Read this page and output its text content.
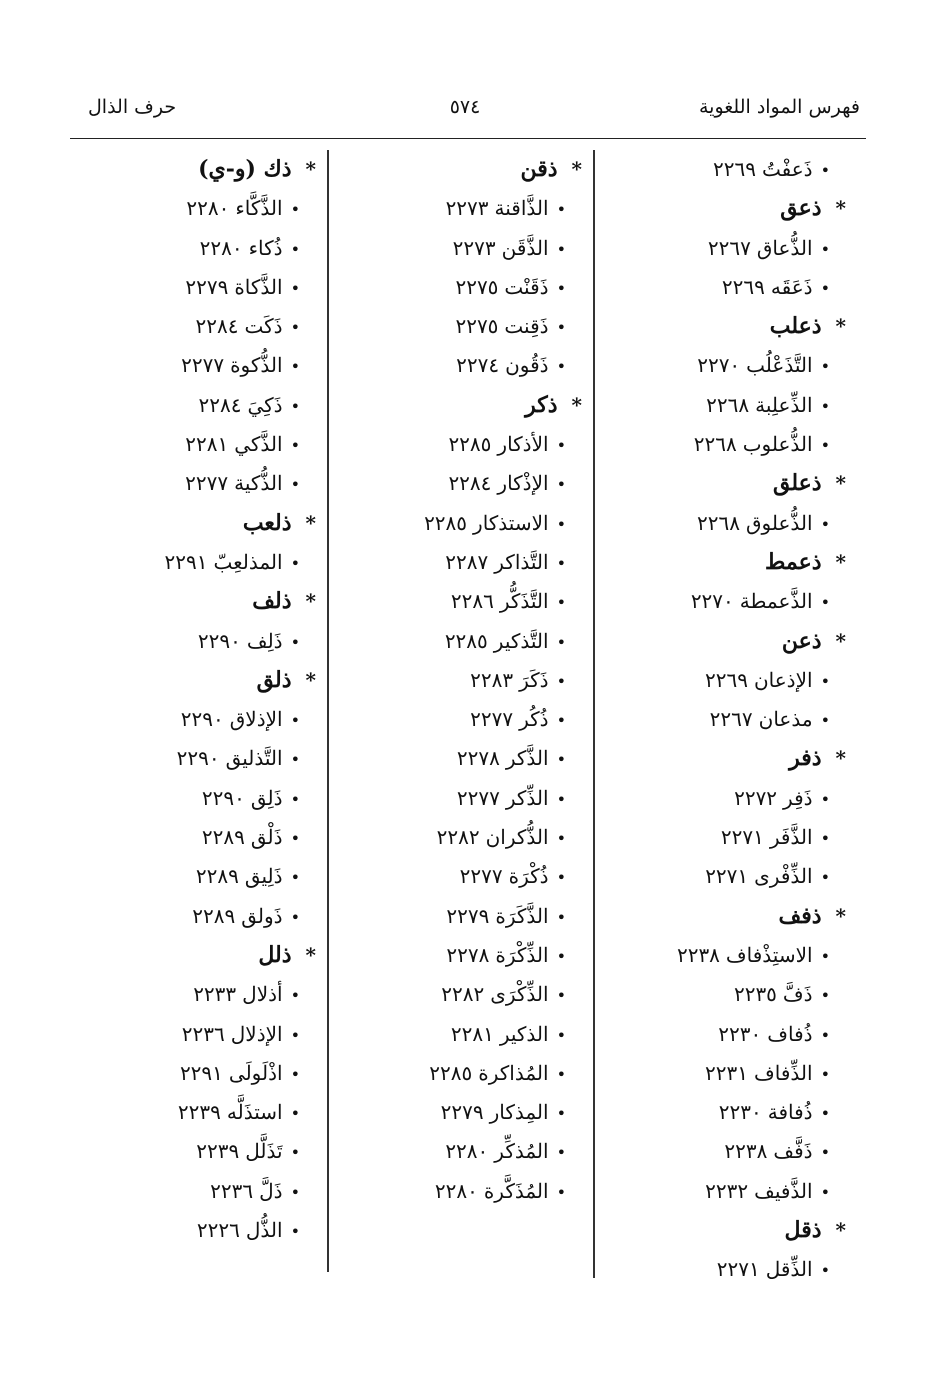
فهرس المواد اللغوية
٥٧٤
حرف الذال
•ذَعفْتُ٢٢٦٩
*ذعق
•الذُّعاق٢٢٦٧
•ذَعَقَه٢٢٦٩
*ذعلب
•التَّذَعْلُب٢٢٧٠
•الذِّعلِبة٢٢٦٨
•الذُّعلوب٢٢٦٨
*ذعلق
•الذُّعلوق٢٢٦٨
*ذعمط
•الذَّعمطة٢٢٧٠
*ذعن
•الإذعان٢٢٦٩
•مذعان٢٢٦٧
*ذفر
•ذَفِر٢٢٧٢
•الذَّفَر٢٢٧١
•الذِّفْرى٢٢٧١
*ذفف
•الاستِذْفاف٢٢٣٨
•ذَفَّ٢٢٣٥
•ذُفاف٢٢٣٠
•الذِّفاف٢٢٣١
•ذُفافة٢٢٣٠
•ذَفَّف٢٢٣٨
•الذَّفيف٢٢٣٢
*ذقل
•الذِّقل٢٢٧١
*ذقن
•الذَّاقنة٢٢٧٣
•الذَّقَن٢٢٧٣
•ذَقَنْت٢٢٧٥
•ذَقِنت٢٢٧٥
•ذَقُون٢٢٧٤
*ذكر
•الأذكار٢٢٨٥
•الإذْكار٢٢٨٤
•الاستذكار٢٢٨٥
•التَّذاكر٢٢٨٧
•التَّذَكُّر٢٢٨٦
•التَّذكير٢٢٨٥
•ذَكَرَ٢٢٨٣
•ذُكُر٢٢٧٧
•الذَّكر٢٢٧٨
•الذِّكر٢٢٧٧
•الذُّكران٢٢٨٢
•ذُكْرَة٢٢٧٧
•الذَّكَرَة٢٢٧٩
•الذِّكْرَة٢٢٧٨
•الذِّكْرَى٢٢٨٢
•الذكير٢٢٨١
•المُذاكرة٢٢٨٥
•المِذكار٢٢٧٩
•المُذكِّر٢٢٨٠
•المُذَكَّرة٢٢٨٠
*ذك (و-ي)
•الذَّكَّاء٢٢٨٠
•ذُكاء٢٢٨٠
•الذَّكاة٢٢٧٩
•ذَكَت٢٢٨٤
•الذُّكوة٢٢٧٧
•ذَكِيَ٢٢٨٤
•الذَّكي٢٢٨١
•الذُّكية٢٢٧٧
*ذلعب
•المذلعِبّ٢٢٩١
*ذلف
•ذَلِف٢٢٩٠
*ذلق
•الإذلاق٢٢٩٠
•التَّذليق٢٢٩٠
•ذَلِق٢٢٩٠
•ذَلْق٢٢٨٩
•ذَلِيق٢٢٨٩
•ذَولق٢٢٨٩
*ذلل
•أذلال٢٢٣٣
•الإذلال٢٢٣٦
•اذْلَولَى٢٢٩١
•استذَلَّه٢٢٣٩
•تَذَلَّل٢٢٣٩
•ذَلَّ٢٢٣٦
•الذُّل٢٢٢٦
